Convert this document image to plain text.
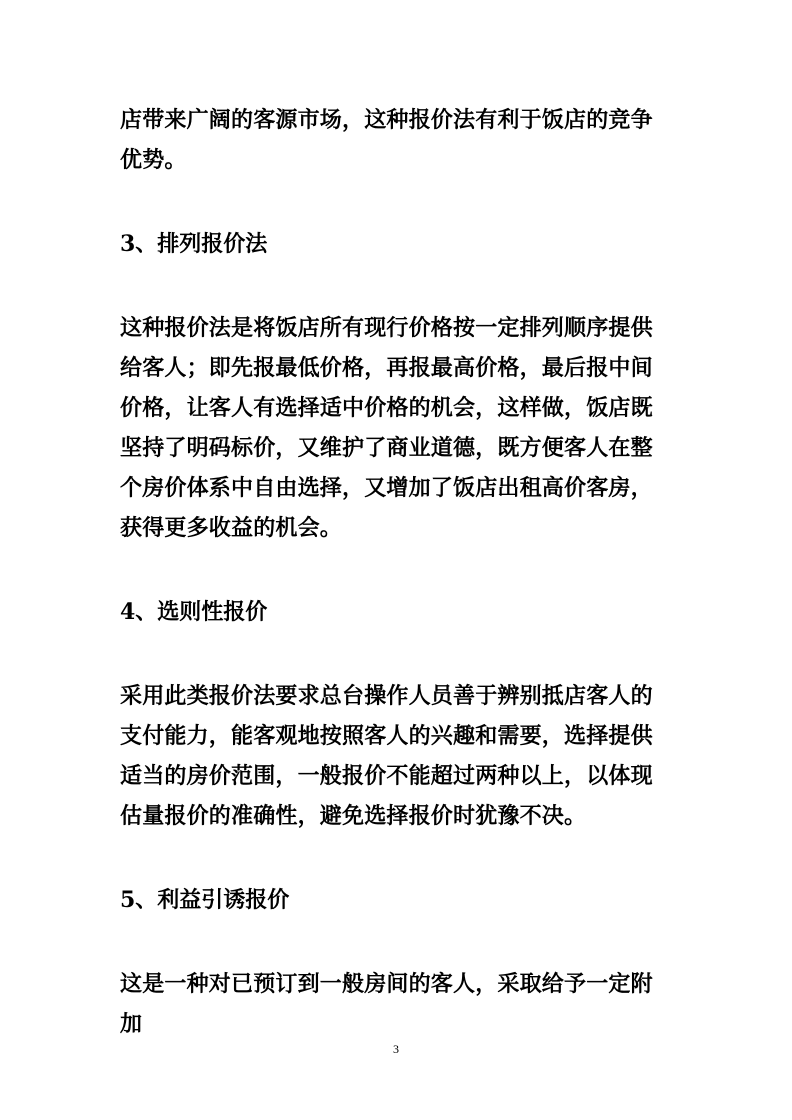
店带来广阔的客源市场，这种报价法有利于饭店的竞争优势。

3、排列报价法

这种报价法是将饭店所有现行价格按一定排列顺序提供给客人；即先报最低价格，再报最高价格，最后报中间价格，让客人有选择适中价格的机会，这样做，饭店既坚持了明码标价，又维护了商业道德，既方便客人在整个房价体系中自由选择，又增加了饭店出租高价客房，获得更多收益的机会。

4、选则性报价

采用此类报价法要求总台操作人员善于辨别抵店客人的支付能力，能客观地按照客人的兴趣和需要，选择提供适当的房价范围，一般报价不能超过两种以上，以体现估量报价的准确性，避免选择报价时犹豫不决。

5、利益引诱报价

这是一种对已预订到一般房间的客人，采取给予一定附加

3
